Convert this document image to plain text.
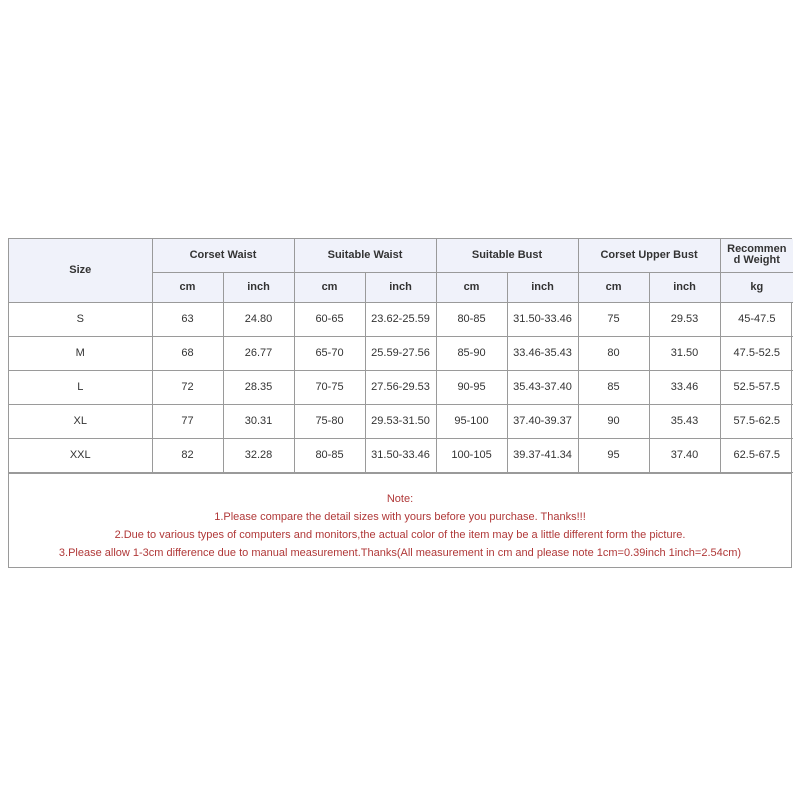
Size	Corset Waist		Suitable Waist		Suitable Bust		Corset Upper Bust		Recommend Weight
	cm	inch	cm	inch	cm	inch	cm	inch	kg
S	63	24.80	60-65	23.62-25.59	80-85	31.50-33.46	75	29.53	45-47.5
M	68	26.77	65-70	25.59-27.56	85-90	33.46-35.43	80	31.50	47.5-52.5
L	72	28.35	70-75	27.56-29.53	90-95	35.43-37.40	85	33.46	52.5-57.5
XL	77	30.31	75-80	29.53-31.50	95-100	37.40-39.37	90	35.43	57.5-62.5
XXL	82	32.28	80-85	31.50-33.46	100-105	39.37-41.34	95	37.40	62.5-67.5
Note:
1.Please compare the detail sizes with yours before you purchase. Thanks!!!
2.Due to various types of computers and monitors,the actual color of the item may be a little different form the picture.
3.Please allow 1-3cm difference due to manual measurement.Thanks(All measurement in cm and please note 1cm=0.39inch 1inch=2.54cm)
